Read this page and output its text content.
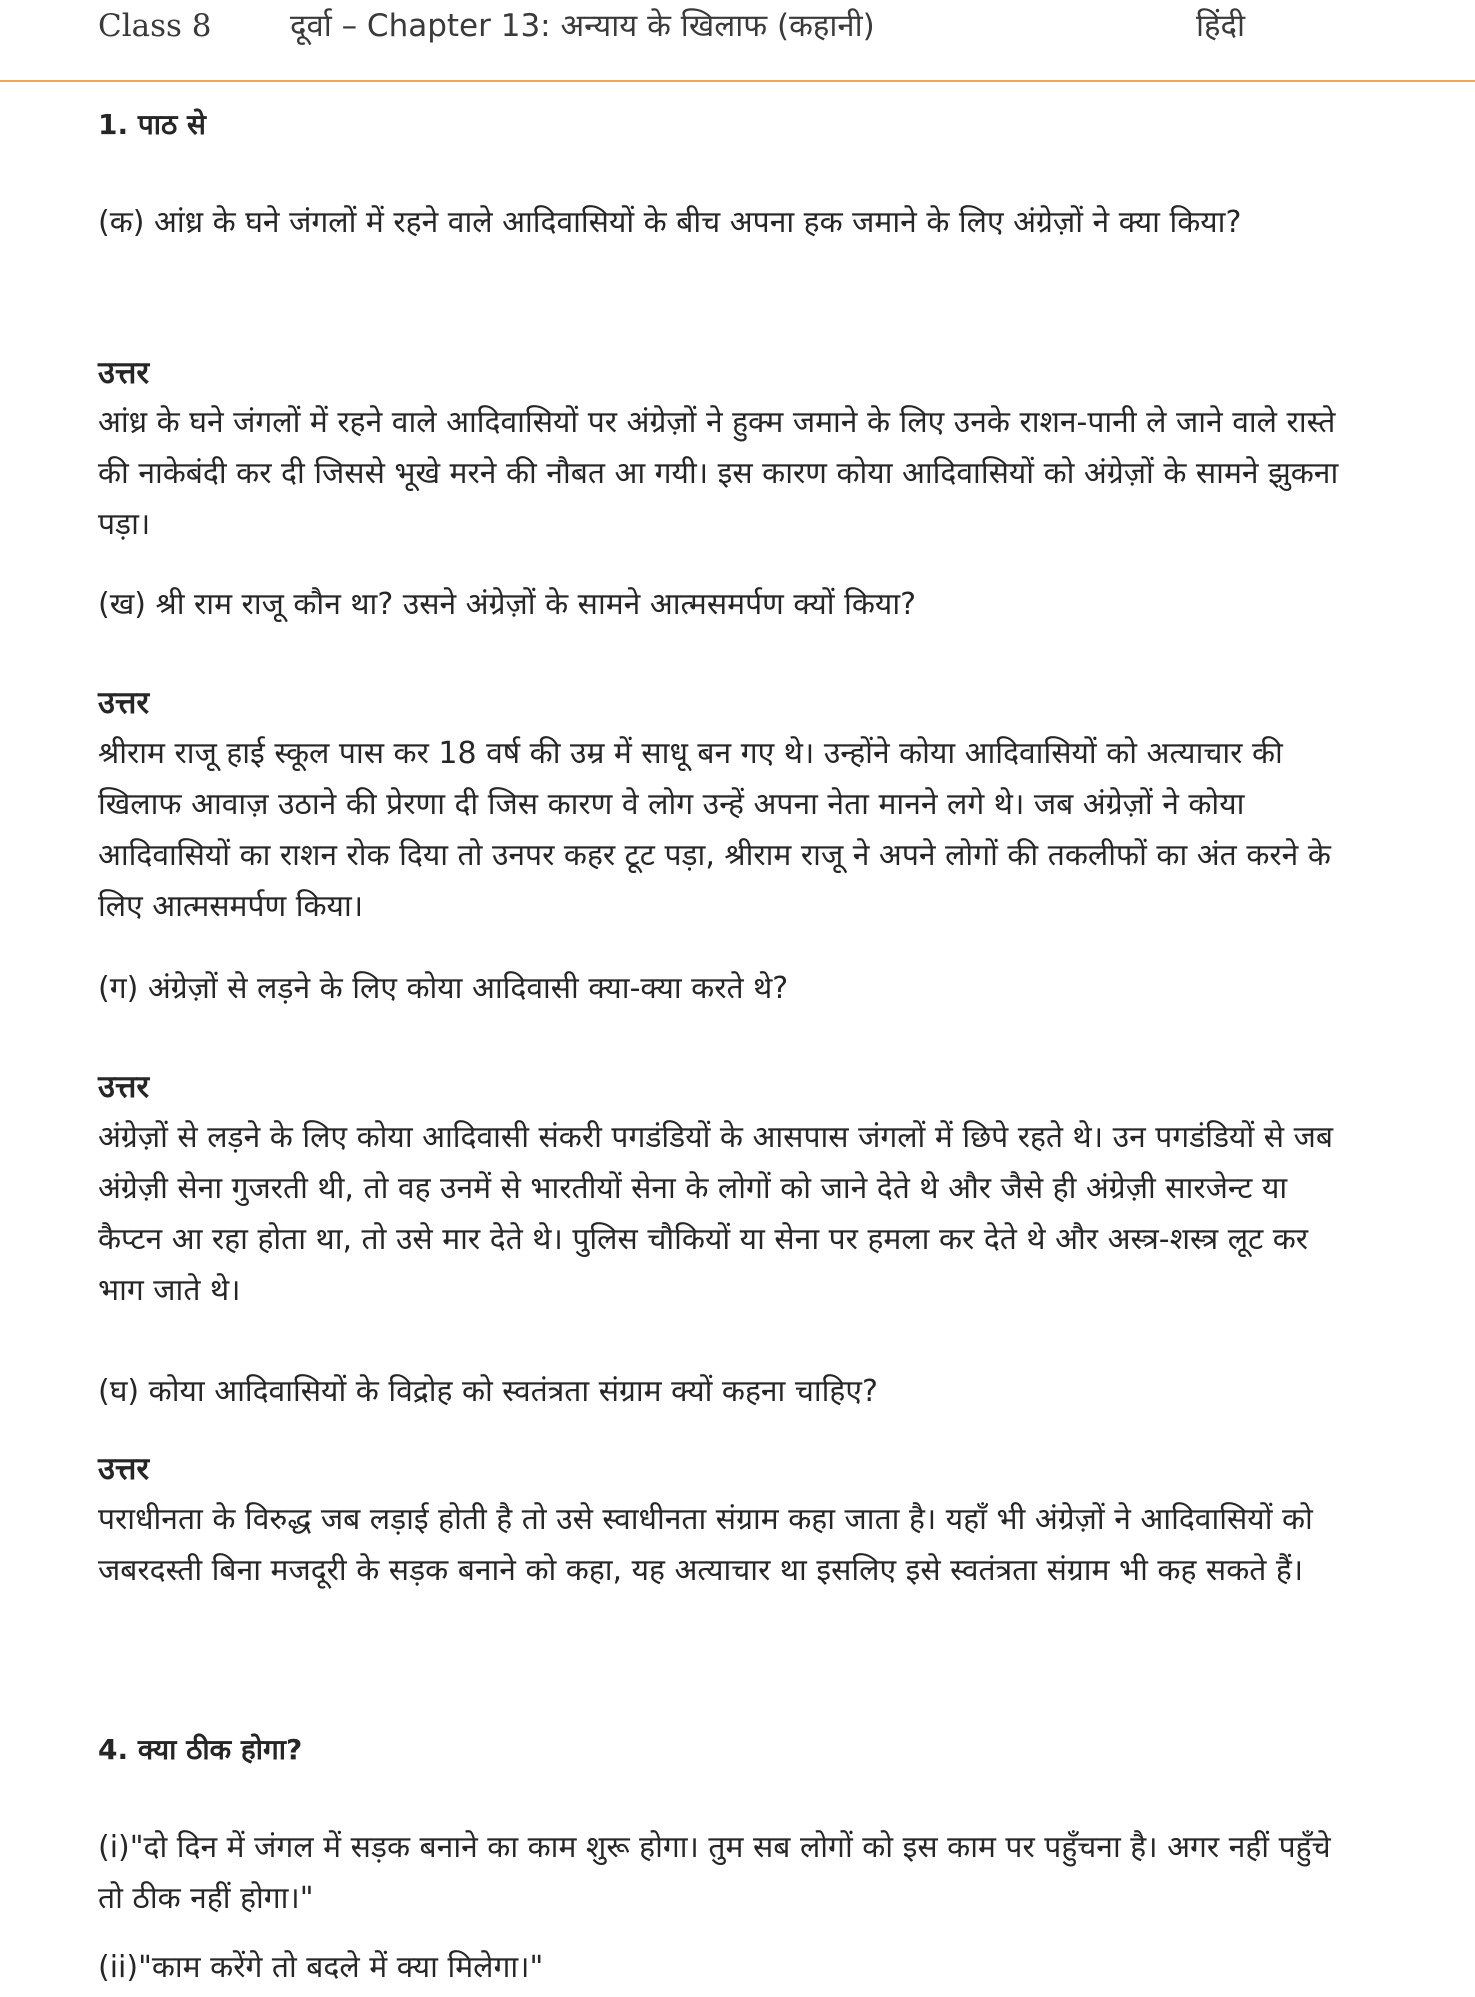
Class 8	दूर्वा – Chapter 13: अन्याय के खिलाफ (कहानी)	हिंदी
1. पाठ से
(क) आंध्र के घने जंगलों में रहने वाले आदिवासियों के बीच अपना हक जमाने के लिए अंग्रेज़ों ने क्या किया?
उत्तर
आंध्र के घने जंगलों में रहने वाले आदिवासियों पर अंग्रेज़ों ने हुक्म जमाने के लिए उनके राशन-पानी ले जाने वाले रास्ते की नाकेबंदी कर दी जिससे भूखे मरने की नौबत आ गयी। इस कारण कोया आदिवासियों को अंग्रेज़ों के सामने झुकना पड़ा।
(ख) श्री राम राजू कौन था? उसने अंग्रेज़ों के सामने आत्मसमर्पण क्यों किया?
उत्तर
श्रीराम राजू हाई स्कूल पास कर 18 वर्ष की उम्र में साधू बन गए थे। उन्होंने कोया आदिवासियों को अत्याचार की खिलाफ आवाज़ उठाने की प्रेरणा दी जिस कारण वे लोग उन्हें अपना नेता मानने लगे थे। जब अंग्रेज़ों ने कोया आदिवासियों का राशन रोक दिया तो उनपर कहर टूट पड़ा, श्रीराम राजू ने अपने लोगों की तकलीफों का अंत करने के लिए आत्मसमर्पण किया।
(ग) अंग्रेज़ों से लड़ने के लिए कोया आदिवासी क्या-क्या करते थे?
उत्तर
अंग्रेज़ों से लड़ने के लिए कोया आदिवासी संकरी पगडंडियों के आसपास जंगलों में छिपे रहते थे। उन पगडंडियों से जब अंग्रेज़ी सेना गुजरती थी, तो वह उनमें से भारतीयों सेना के लोगों को जाने देते थे और जैसे ही अंग्रेज़ी सारजेन्ट या कैप्टन आ रहा होता था, तो उसे मार देते थे। पुलिस चौकियों या सेना पर हमला कर देते थे और अस्त्र-शस्त्र लूट कर भाग जाते थे।
(घ) कोया आदिवासियों के विद्रोह को स्वतंत्रता संग्राम क्यों कहना चाहिए?
उत्तर
पराधीनता के विरुद्ध जब लड़ाई होती है तो उसे स्वाधीनता संग्राम कहा जाता है। यहाँ भी अंग्रेज़ों ने आदिवासियों को जबरदस्ती बिना मजदूरी के सड़क बनाने को कहा, यह अत्याचार था इसलिए इसे स्वतंत्रता संग्राम भी कह सकते हैं।
4. क्या ठीक होगा?
(i)"दो दिन में जंगल में सड़क बनाने का काम शुरू होगा। तुम सब लोगों को इस काम पर पहुँचना है। अगर नहीं पहुँचे तो ठीक नहीं होगा।"
(ii)"काम करेंगे तो बदले में क्या मिलेगा।"
